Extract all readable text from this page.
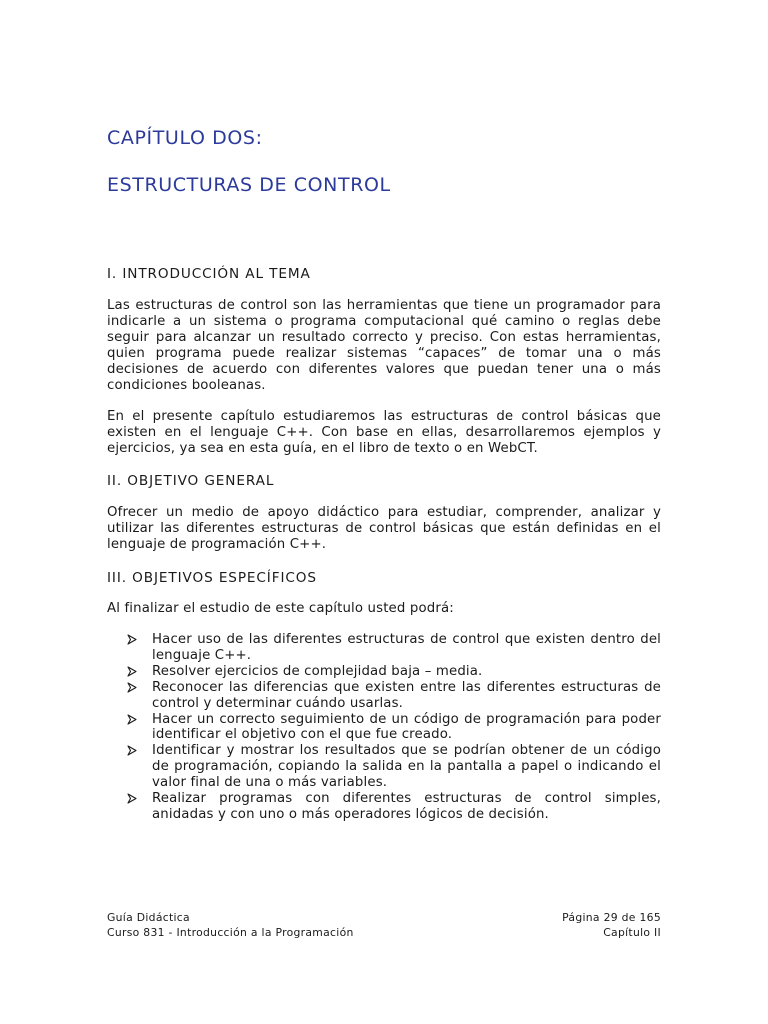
CAPÍTULO DOS:
ESTRUCTURAS DE CONTROL
I. INTRODUCCIÓN AL TEMA

Las estructuras de control son las herramientas que tiene un programador para indicarle a un sistema o programa computacional qué camino o reglas debe seguir para alcanzar un resultado correcto y preciso. Con estas herramientas, quien programa puede realizar sistemas “capaces” de tomar una o más decisiones de acuerdo con diferentes valores que puedan tener una o más condiciones booleanas.

En el presente capítulo estudiaremos las estructuras de control básicas que existen en el lenguaje C++. Con base en ellas, desarrollaremos ejemplos y ejercicios, ya sea en esta guía, en el libro de texto o en WebCT.

II. OBJETIVO GENERAL

Ofrecer un medio de apoyo didáctico para estudiar, comprender, analizar y utilizar las diferentes estructuras de control básicas que están definidas en el lenguaje de programación C++.

III. OBJETIVOS ESPECÍFICOS

Al finalizar el estudio de este capítulo usted podrá:

Hacer uso de las diferentes estructuras de control que existen dentro del lenguaje C++.
Resolver ejercicios de complejidad baja – media.
Reconocer las diferencias que existen entre las diferentes estructuras de control y determinar cuándo usarlas.
Hacer un correcto seguimiento de un código de programación para poder identificar el objetivo con el que fue creado.
Identificar y mostrar los resultados que se podrían obtener de un código de programación, copiando la salida en la pantalla a papel o indicando el valor final de una o más variables.
Realizar programas con diferentes estructuras de control simples, anidadas y con uno o más operadores lógicos de decisión.
Guía Didáctica
Curso 831 - Introducción a la Programación
Página 29 de 165
Capítulo II
